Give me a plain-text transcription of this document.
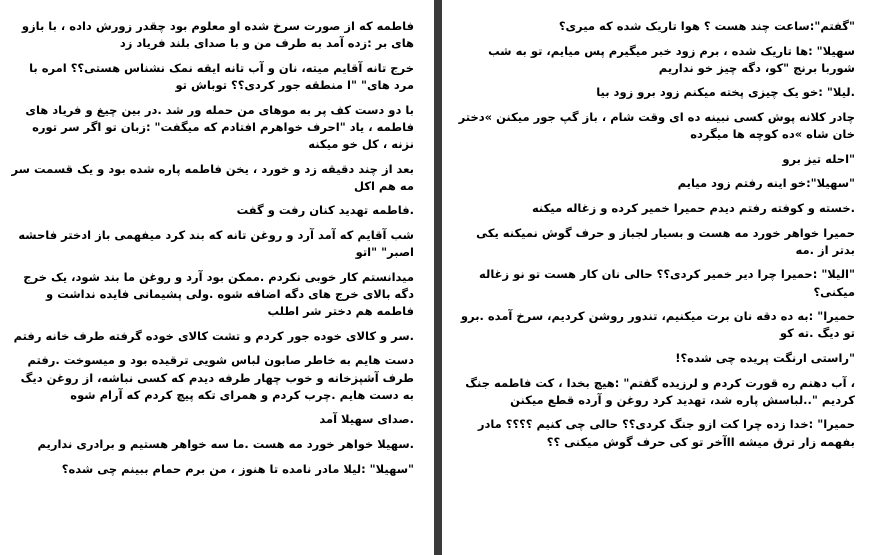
فاطمه که از صورت سرخ شده او معلوم بود چقدر زورش داده ، با بازو های بر :زده آمد به طرف من و با صدای بلند فریاد زد

خرج تانه آقایم میته، نان و آب تانه ایقه نمک نشناس هستی؟؟ امره با مرد های" "ا منطقه جور کردی؟؟ توباش تو

با دو دست کف پر به موهای من حمله ور شد .در بین چیغ و فریاد های فاطمه ، یاد "احرف خواهرم افتادم که میگفت" :زبان تو اگر سر توره نزنه ، کل خو میکنه

بعد از چند دقیقه زد و خورد ، یخن فاطمه پاره شده بود و یک قسمت سر مه هم اکل

.فاطمه تهدید کنان رفت و گفت

شب آقایم که آمد آرد و روغن تانه که بند کرد میفهمی باز ادختر فاحشه اصبر" "اتو

میدانستم کار خوبی نکردم .ممکن بود آرد و روغن ما بند شود، یک خرج دگه بالای خرج های دگه اضافه شوه .ولی پشیمانی فایده نداشت و فاطمه هم دختر شر اطلب

.سر و کالای خوده جور کردم و تشت کالای خوده گرفته طرف خانه رفتم

دست هایم به خاطر صابون لباس شویی ترقیده بود و میسوخت .رفتم طرف آشپزخانه و خوب چهار طرفه دیدم که کسی نباشه، از روغن دیگ به دست هایم .چرب کردم و همرای تکه پیچ کردم که آرام شوه

.صدای سهیلا آمد

.سهیلا خواهر خورد مه هست .ما سه خواهر هستیم و برادری نداریم

"سهیلا" :لیلا مادر نامده تا هنوز ، من برم حمام ببینم چی شده؟

"گفتم":ساعت چند هست ؟ هوا تاریک شده که میری؟

سهیلا" :ها تاریک شده ، برم زود خبر میگیرم پس میایم، تو به شب شوربا برنج "کو، دگه چیز خو نداریم

.لیلا" :خو یک چیزی پخته میکنم زود برو زود بیا

چادر کلانه پوش کسی نبینه ده ای وقت شام ، باز گپ جور میکنن »دختر خان شاه »ده کوچه ها میگرده

"احله تیز برو

"سهیلا":خو اینه رفتم زود میایم

.خسته و کوفته رفتم دیدم حمیرا خمیر کرده و زغاله میکنه

حمیرا خواهر خورد مه هست و بسیار لجباز و حرف گوش نمیکنه یکی بدتر از .مه

"الیلا" :حمیرا چرا دیر خمیر کردی؟؟ حالی نان کار هست تو نو زغاله میکنی؟

حمیرا" :به ده دقه نان برت میکنیم، تندور روشن کردیم، سرخ آمده .برو تو دیگ .ته کو

"راستی ارنگت پریده چی شده؟!

، آب دهنم ره قورت کردم و لرزیده گفتم" :هیچ بخدا ، کت فاطمه جنگ کردیم "..لباسش پاره شد، تهدید کرد روغن و آرده قطع میکنن

حمیرا" :خدا زده چرا کت ازو جنگ کردی؟؟ حالی چی کنیم ؟؟؟؟ مادر بفهمه زار ترق میشه ااآخر تو کی حرف گوش میکنی ؟؟
